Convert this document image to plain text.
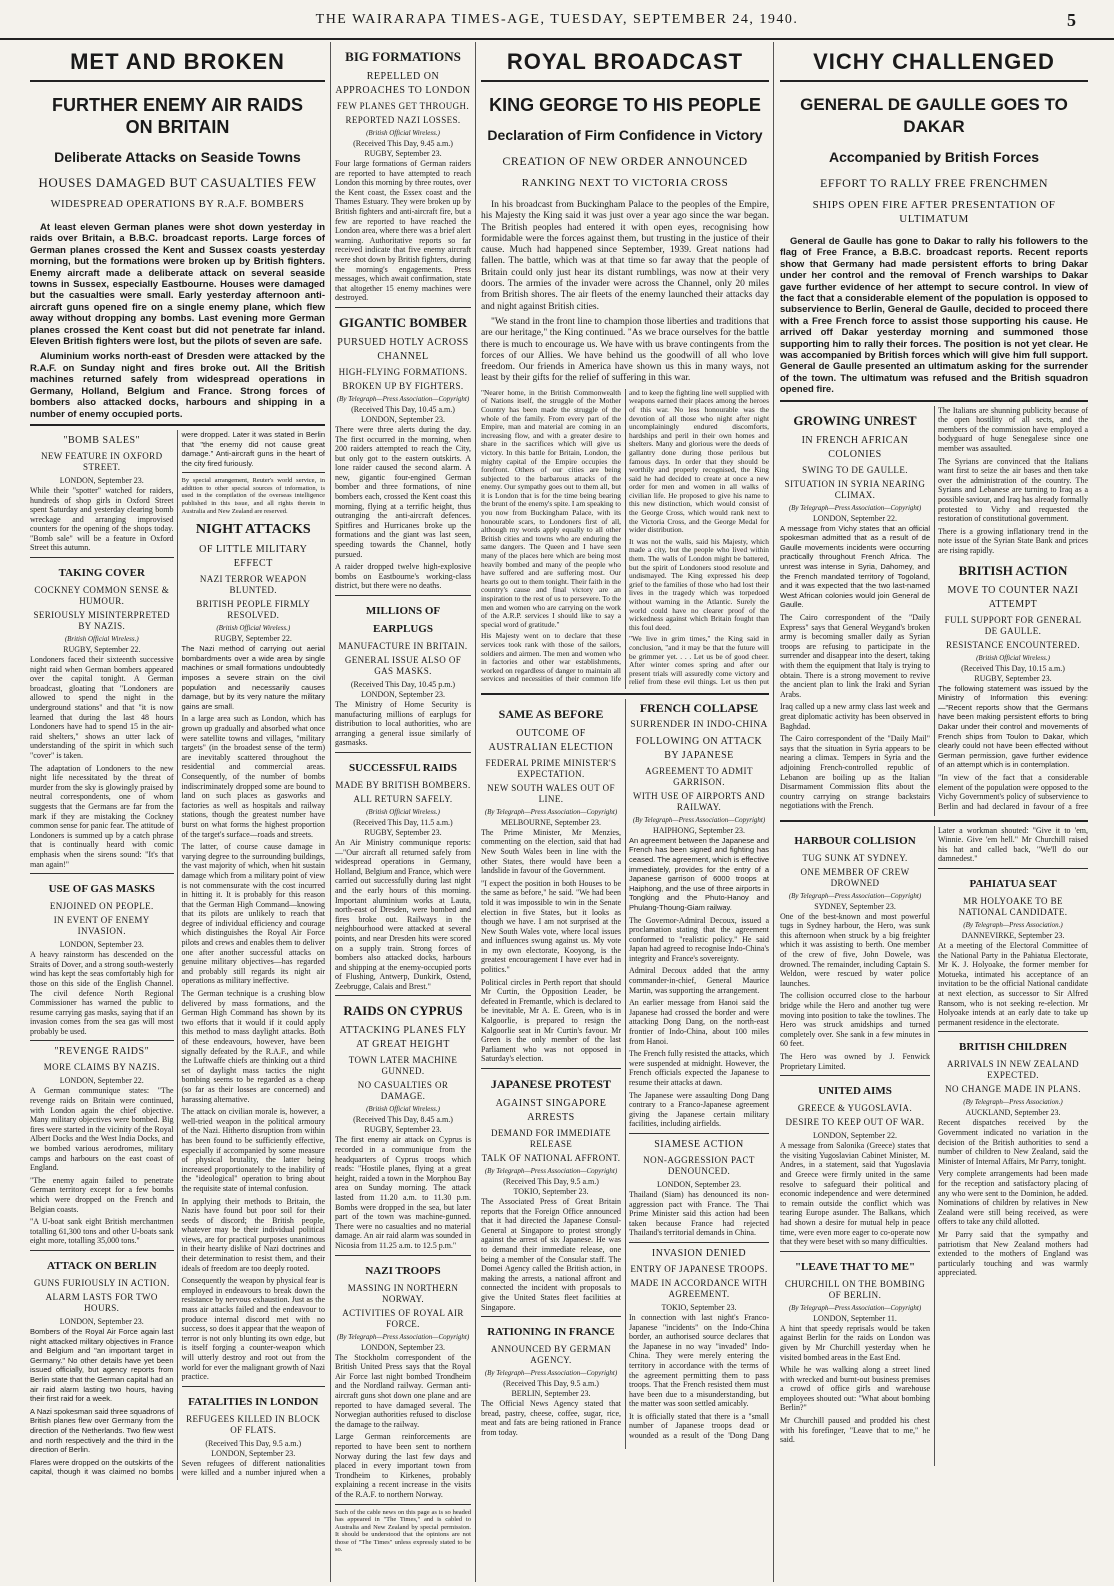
THE WAIRARAPA TIMES-AGE, TUESDAY, SEPTEMBER 24, 1940.	5
MET AND BROKEN
FURTHER ENEMY AIR RAIDS ON BRITAIN
Deliberate Attacks on Seaside Towns
HOUSES DAMAGED BUT CASUALTIES FEW
WIDESPREAD OPERATIONS BY R.A.F. BOMBERS

At least eleven German planes were shot down yesterday in raids over Britain, a B.B.C. broadcast reports. Large forces of German planes crossed the Kent and Sussex coasts yesterday morning, but the formations were broken up by British fighters. Enemy aircraft made a deliberate attack on several seaside towns in Sussex, especially Eastbourne. Houses were damaged but the casualties were small. Early yesterday afternoon anti-aircraft guns opened fire on a single enemy plane, which flew away without dropping any bombs. Last evening more German planes crossed the Kent coast but did not penetrate far inland. Eleven British fighters were lost, but the pilots of seven are safe.

Aluminium works north-east of Dresden were attacked by the R.A.F. on Sunday night and fires broke out. All the British machines returned safely from widespread operations in Germany, Holland, Belgium and France. Strong forces of bombers also attacked docks, harbours and shipping in a number of enemy occupied ports.

"BOMB SALES"
NEW FEATURE IN OXFORD STREET.
LONDON, September 23.

While their "spotter" watched for raiders, hundreds of shop girls in Oxford Street spent Saturday and yesterday clearing bomb wreckage and arranging improvised counters for the opening of the shops today. "Bomb sale" will be a feature in Oxford Street this autumn.

TAKING COVER
COCKNEY COMMON SENSE & HUMOUR.
SERIOUSLY MISINTERPRETED BY NAZIS.
(British Official Wireless.)
RUGBY, September 22.

Londoners faced their sixteenth successive night raid when German bombers appeared over the capital tonight. A German broadcast, gloating that "Londoners are allowed to spend the night in the underground stations" and that "it is now learned that during the last 48 hours Londoners have had to spend 15 in the air-raid shelters," shows an utter lack of understanding of the spirit in which such "cover" is taken.

The adaptation of Londoners to the new night life necessitated by the threat of murder from the sky is glowingly praised by neutral correspondents, one of whom suggests that the Germans are far from the mark if they are mistaking the Cockney common sense for panic fear. The attitude of Londoners is summed up by a catch phrase that is continually heard with comic emphasis when the sirens sound: "It's that man again!"

USE OF GAS MASKS
ENJOINED ON PEOPLE.
IN EVENT OF ENEMY INVASION.
LONDON, September 23.

A heavy rainstorm has descended on the Straits of Dover, and a strong south-westerly wind has kept the seas comfortably high for those on this side of the English Channel. The civil defence North Regional Commissioner has warned the public to resume carrying gas masks, saying that if an invasion comes from the sea gas will most probably be used.

"REVENGE RAIDS"
MORE CLAIMS BY NAZIS.
LONDON, September 22.

A German communique states: "The revenge raids on Britain were continued, with London again the chief objective. Many military objectives were bombed. Big fires were started in the vicinity of the Royal Albert Docks and the West India Docks, and we bombed various aerodromes, military camps and harbours on the east coast of England.

"The enemy again failed to penetrate German territory except for a few bombs which were dropped on the French and Belgian coasts.

"A U-boat sank eight British merchantmen totalling 61,300 tons and other U-boats sank eight more, totalling 35,000 tons."

ATTACK ON BERLIN
GUNS FURIOUSLY IN ACTION.
ALARM LASTS FOR TWO HOURS.
LONDON, September 23.

Bombers of the Royal Air Force again last night attacked military objectives in France and Belgium and "an important target in Germany." No other details have yet been issued officially, but agency reports from Berlin state that the German capital had an air raid alarm lasting two hours, having their first raid for a week.

A Nazi spokesman said three squadrons of British planes flew over Germany from the direction of the Netherlands. Two flew west and north respectively and the third in the direction of Berlin.

Flares were dropped on the outskirts of the capital, though it was claimed no bombs were dropped. Later it was stated in Berlin that "the enemy did not cause great damage." Anti-aircraft guns in the heart of the city fired furiously.

By special arrangement, Reuter's world service, in addition to other special sources of information, is used in the compilation of the overseas intelligence published in this issue, and all rights therein in Australia and New Zealand are reserved.

NIGHT ATTACKS
OF LITTLE MILITARY EFFECT
NAZI TERROR WEAPON BLUNTED.
BRITISH PEOPLE FIRMLY RESOLVED.
(British Official Wireless.)
RUGBY, September 22.

The Nazi method of carrying out aerial bombardments over a wide area by single machines or small formations undoubtedly imposes a severe strain on the civil population and necessarily causes damage, but by its very nature the military gains are small.

In a large area such as London, which has grown up gradually and absorbed what once were satellite towns and villages, "military targets" (in the broadest sense of the term) are inevitably scattered throughout the residential and commercial areas. Consequently, of the number of bombs indiscriminately dropped some are bound to land on such places as gasworks and factories as well as hospitals and railway stations, though the greatest number have burst on what forms the highest proportion of the target's surface—roads and streets.

The latter, of course cause damage in varying degree to the surrounding buildings, the vast majority of which, when hit sustain damage which from a military point of view is not commensurate with the cost incurred in hitting it. It is probably for this reason that the German High Command—knowing that its pilots are unlikely to reach that degree of individual efficiency and courage which distinguishes the Royal Air Force pilots and crews and enables them to deliver one after another successful attacks on genuine military objectives—has regarded and probably still regards its night air operations as military ineffective.

The German technique is a crushing blow delivered by mass formations, and the German High Command has shown by its two efforts that it would if it could apply this method to mass daylight attacks. Both of these endeavours, however, have been signally defeated by the R.A.F., and while the Luftwaffe chiefs are thinking out a third set of daylight mass tactics the night bombing seems to be regarded as a cheap (so far as their losses are concerned) and harassing alternative.

The attack on civilian morale is, however, a well-tried weapon in the political armoury of the Nazi. Hitherto disruption from within has been found to be sufficiently effective, especially if accompanied by some measure of physical brutality, the latter being increased proportionately to the inability of the "ideological" operation to bring about the requisite state of internal confusion.

In applying their methods to Britain, the Nazis have found but poor soil for their seeds of discord; the British people, whatever may be their individual political views, are for practical purposes unanimous in their hearty dislike of Nazi doctrines and their determination to resist them, and their ideals of freedom are too deeply rooted.

Consequently the weapon by physical fear is employed in endeavours to break down the resistance by nervous exhaustion. Just as the mass air attacks failed and the endeavour to produce internal discord met with no success, so does it appear that the weapon of terror is not only blunting its own edge, but is itself forging a counter-weapon which will utterly destroy and root out from the world for ever the malignant growth of Nazi practice.

FATALITIES IN LONDON
REFUGEES KILLED IN BLOCK OF FLATS.
(Received This Day, 9.5 a.m.)
LONDON, September 23.

Seven refugees of different nationalities were killed and a number injured when a

BIG FORMATIONS
REPELLED ON APPROACHES TO LONDON
FEW PLANES GET THROUGH.
REPORTED NAZI LOSSES.
(British Official Wireless.)
(Received This Day, 9.45 a.m.)
RUGBY, September 23.

Four large formations of German raiders are reported to have attempted to reach London this morning by three routes, over the Kent coast, the Essex coast and the Thames Estuary. They were broken up by British fighters and anti-aircraft fire, but a few are reported to have reached the London area, where there was a brief alert warning. Authoritative reports so far received indicate that five enemy aircraft were shot down by British fighters, during the morning's engagements. Press messages, which await confirmation, state that altogether 15 enemy machines were destroyed.

GIGANTIC BOMBER
PURSUED HOTLY ACROSS CHANNEL
HIGH-FLYING FORMATIONS.
BROKEN UP BY FIGHTERS.
(By Telegraph—Press Association—Copyright)
(Received This Day, 10.45 a.m.)
LONDON, September 23.

There were three alerts during the day. The first occurred in the morning, when 200 raiders attempted to reach the City, but only got to the eastern outskirts. A lone raider caused the second alarm. A new, gigantic four-engined German bomber and three formations, of nine bombers each, crossed the Kent coast this morning, flying at a terrific height, thus outranging the anti-aircraft defences. Spitfires and Hurricanes broke up the formations and the giant was last seen, speeding towards the Channel, hotly pursued.

A raider dropped twelve high-explosive bombs on Eastbourne's working-class district, but there were no deaths.

MILLIONS OF EARPLUGS
MANUFACTURE IN BRITAIN.
GENERAL ISSUE ALSO OF GAS MASKS.
(Received This Day, 10.45 p.m.)
LONDON, September 23.

The Ministry of Home Security is manufacturing millions of earplugs for distribution to local authorities, who are arranging a general issue similarly of gasmasks.

SUCCESSFUL RAIDS
MADE BY BRITISH BOMBERS.
ALL RETURN SAFELY.
(British Official Wireless.)
(Received This Day, 11.5 a.m.)
RUGBY, September 23.

An Air Ministry communique reports:—"Our aircraft all returned safely from widespread operations in Germany, Holland, Belgium and France, which were carried out successfully during last night and the early hours of this morning. Important aluminium works at Lauta, north-east of Dresden, were bombed and fires broke out. Railways in the neighbourhood were attacked at several points, and near Dresden hits were scored on a supply train. Strong forces of bombers also attacked docks, harbours and shipping at the enemy-occupied ports of Flushing, Antwerp, Dunkirk, Ostend, Zeebrugge, Calais and Brest."

RAIDS ON CYPRUS
ATTACKING PLANES FLY AT GREAT HEIGHT
TOWN LATER MACHINE GUNNED.
NO CASUALTIES OR DAMAGE.
(British Official Wireless.)
(Received This Day, 8.45 a.m.)
RUGBY, September 23.

The first enemy air attack on Cyprus is recorded in a communique from the headquarters of Cyprus troops which reads: "Hostile planes, flying at a great height, raided a town in the Morphou Bay area on Sunday morning. The attack lasted from 11.20 a.m. to 11.30 p.m. Bombs were dropped in the sea, but later part of the town was machine-gunned. There were no casualties and no material damage. An air raid alarm was sounded in Nicosia from 11.25 a.m. to 12.5 p.m."

NAZI TROOPS
MASSING IN NORTHERN NORWAY.
ACTIVITIES OF ROYAL AIR FORCE.
(By Telegraph—Press Association—Copyright)
LONDON, September 23.

The Stockholm correspondent of the British United Press says that the Royal Air Force last night bombed Trondheim and the Nordland railway. German anti-aircraft guns shot down one plane and are reported to have damaged several. The Norwegian authorities refused to disclose the damage to the railway.

Large German reinforcements are reported to have been sent to northern Norway during the last few days and placed in every important town from Trondheim to Kirkenes, probably explaining a recent increase in the visits of the R.A.F. to northern Norway.

Such of the cable news on this page as is so headed has appeared in "The Times," and is cabled to Australia and New Zealand by special permission. It should be understood that the opinions are not those of "The Times" unless expressly stated to be so.

ROYAL BROADCAST
KING GEORGE TO HIS PEOPLE
Declaration of Firm Confidence in Victory
CREATION OF NEW ORDER ANNOUNCED
RANKING NEXT TO VICTORIA CROSS

In his broadcast from Buckingham Palace to the peoples of the Empire, his Majesty the King said it was just over a year ago since the war began. The British peoples had entered it with open eyes, recognising how formidable were the forces against them, but trusting in the justice of their cause. Much had happened since September, 1939. Great nations had fallen. The battle, which was at that time so far away that the people of Britain could only just hear its distant rumblings, was now at their very doors. The armies of the invader were across the Channel, only 20 miles from British shores. The air fleets of the enemy launched their attacks day and night against British cities.

"We stand in the front line to champion those liberties and traditions that are our heritage," the King continued. "As we brace ourselves for the battle there is much to encourage us. We have with us brave contingents from the forces of our Allies. We have behind us the goodwill of all who love freedom. Our friends in America have shown us this in many ways, not least by their gifts for the relief of suffering in this war.

"Nearer home, in the British Commonwealth of Nations itself, the struggle of the Mother Country has been made the struggle of the whole of the family. From every part of the Empire, man and material are coming in an increasing flow, and with a greater desire to share in the sacrifices which will give us victory. In this battle for Britain, London, the mighty capital of the Empire occupies the forefront. Others of our cities are being subjected to the barbarous attacks of the enemy. Our sympathy goes out to them all, but it is London that is for the time being bearing the brunt of the enemy's spite. I am speaking to you now from Buckingham Palace, with its honourable scars, to Londoners first of all, although my words apply equally to all other British cities and towns who are enduring the same dangers. The Queen and I have seen many of the places here which are being most heavily bombed and many of the people who have suffered and are suffering most. Our hearts go out to them tonight. Their faith in the country's cause and final victory are an inspiration to the rest of us to persevere. To the men and women who are carrying on the work of the A.R.P. services I should like to say a special word of gratitude."

His Majesty went on to declare that these services took rank with those of the sailors, soldiers and airmen. The men and women who in factories and other war establishments, worked on regardless of danger to maintain all services and necessities of their common life and to keep the fighting line well supplied with weapons earned their places among the heroes of this war. No less honourable was the devotion of all those who night after night uncomplainingly endured discomforts, hardships and peril in their own homes and shelters. Many and glorious were the deeds of gallantry done during those perilous but famous days. In order that they should be worthily and properly recognised, the King said he had decided to create at once a new order for men and women in all walks of civilian life. He proposed to give his name to this new distinction, which would consist of the George Cross, which would rank next to the Victoria Cross, and the George Medal for wider distribution.

It was not the walls, said his Majesty, which made a city, but the people who lived within them. The walls of London might be battered, but the spirit of Londoners stood resolute and undismayed. The King expressed his deep grief to the families of those who had lost their lives in the tragedy which was torpedoed without warning in the Atlantic. Surely the world could have no clearer proof of the wickedness against which Britain fought than this foul deed.

"We live in grim times," the King said in conclusion, "and it may be that the future will be grimmer yet. . . . Let us be of good cheer. After winter comes spring and after our present trials will assuredly come victory and relief from these evil things. Let us then put

SAME AS BEFORE
OUTCOME OF AUSTRALIAN ELECTION
FEDERAL PRIME MINISTER'S EXPECTATION.
NEW SOUTH WALES OUT OF LINE.
(By Telegraph—Press Association—Copyright)
MELBOURNE, September 23.

The Prime Minister, Mr Menzies, commenting on the election, said that had New South Wales been in line with the other States, there would have been a landslide in favour of the Government.

"I expect the position in both Houses to be the same as before," he said. "We had been told it was impossible to win in the Senate election in five States, but it looks as though we have. I am not surprised at the New South Wales vote, where local issues and influences swung against us. My vote in my own electorate, Kooyong, is the greatest encouragement I have ever had in politics."

Political circles in Perth report that should Mr Curtin, the Opposition Leader, be defeated in Fremantle, which is declared to be inevitable, Mr A. E. Green, who is in Kalgoorlie, is prepared to resign the Kalgoorlie seat in Mr Curtin's favour. Mr Green is the only member of the last Parliament who was not opposed in Saturday's election.

JAPANESE PROTEST
AGAINST SINGAPORE ARRESTS
DEMAND FOR IMMEDIATE RELEASE
TALK OF NATIONAL AFFRONT.
(By Telegraph—Press Association—Copyright)
(Received This Day, 9.5 a.m.)
TOKIO, September 23.

The Associated Press of Great Britain reports that the Foreign Office announced that it had directed the Japanese Consul-General at Singapore to protest strongly against the arrest of six Japanese. He was to demand their immediate release, one being a member of the Consular staff. The Domei Agency called the British action, in making the arrests, a national affront and connected the incident with proposals to give the United States fleet facilities at Singapore.

RATIONING IN FRANCE
ANNOUNCED BY GERMAN AGENCY.
(By Telegraph—Press Association—Copyright)
(Received This Day, 9.5 a.m.)
BERLIN, September 23.

The Official News Agency stated that bread, pastry, cheese, coffee, sugar, rice, meat and fats are being rationed in France from today.

FRENCH COLLAPSE
SURRENDER IN INDO-CHINA
FOLLOWING ON ATTACK BY JAPANESE
AGREEMENT TO ADMIT GARRISON.
WITH USE OF AIRPORTS AND RAILWAY.
(By Telegraph—Press Association—Copyright)
HAIPHONG, September 23.

An agreement between the Japanese and French has been signed and fighting has ceased. The agreement, which is effective immediately, provides for the entry of a Japanese garrison of 6000 troops at Haiphong, and the use of three airports in Tongking and the Phuto-Hanoy and Phulang-Thoung-Giam railway.

The Governor-Admiral Decoux, issued a proclamation stating that the agreement conformed to "realistic policy." He said Japan had agreed to recognise Indo-China's integrity and France's sovereignty.

Admiral Decoux added that the army commander-in-chief, General Maurice Martin, was supporting the arrangement.

An earlier message from Hanoi said the Japanese had crossed the border and were attacking Dong Dang, on the north-east frontier of Indo-China, about 100 miles from Hanoi.

The French fully resisted the attacks, which were suspended at midnight. However, the French officials expected the Japanese to resume their attacks at dawn.

The Japanese were assaulting Dong Dang contrary to a Franco-Japanese agreement giving the Japanese certain military facilities, including airfields.

SIAMESE ACTION
NON-AGGRESSION PACT DENOUNCED.
LONDON, September 23.

Thailand (Siam) has denounced its non-aggression pact with France. The Thai Prime Minister said this action had been taken because France had rejected Thailand's territorial demands in China.

INVASION DENIED
ENTRY OF JAPANESE TROOPS.
MADE IN ACCORDANCE WITH AGREEMENT.
TOKIO, September 23.

In connection with last night's Franco-Japanese "incidents" on the Indo-China border, an authorised source declares that the Japanese in no way "invaded" Indo-China. They were merely entering the territory in accordance with the terms of the agreement permitting them to pass troops. That the French resisted them must have been due to a misunderstanding, but the matter was soon settled amicably.

It is officially stated that there is a "small number of Japanese troops dead or wounded as a result of the 'Dong Dang

VICHY CHALLENGED
GENERAL DE GAULLE GOES TO DAKAR
Accompanied by British Forces
EFFORT TO RALLY FREE FRENCHMEN
SHIPS OPEN FIRE AFTER PRESENTATION OF ULTIMATUM

General de Gaulle has gone to Dakar to rally his followers to the flag of Free France, a B.B.C. broadcast reports. Recent reports show that Germany had made persistent efforts to bring Dakar under her control and the removal of French warships to Dakar gave further evidence of her attempt to secure control. In view of the fact that a considerable element of the population is opposed to subservience to Berlin, General de Gaulle, decided to proceed there with a Free French force to assist those supporting his cause. He arrived off Dakar yesterday morning and summoned those supporting him to rally their forces. The position is not yet clear. He was accompanied by British forces which will give him full support. General de Gaulle presented an ultimatum asking for the surrender of the town. The ultimatum was refused and the British squadron opened fire.

GROWING UNREST
IN FRENCH AFRICAN COLONIES
SWING TO DE GAULLE.
SITUATION IN SYRIA NEARING CLIMAX.
(By Telegraph—Press Association—Copyright)
LONDON, September 22.

A message from Vichy states that an official spokesman admitted that as a result of de Gaulle movements incidents were occurring practically throughout French Africa. The unrest was intense in Syria, Dahomey, and the French mandated territory of Togoland, and it was expected that the two last-named West African colonies would join General de Gaulle.

The Cairo correspondent of the "Daily Express" says that General Weygand's broken army is becoming smaller daily as Syrian troops are refusing to participate in the surrender and disappear into the desert, taking with them the equipment that Italy is trying to obtain. There is a strong movement to revive the ancient plan to link the Iraki and Syrian Arabs.

Iraq called up a new army class last week and great diplomatic activity has been observed in Baghdad.

The Cairo correspondent of the "Daily Mail" says that the situation in Syria appears to be nearing a climax. Tempers in Syria and the adjoining French-controlled republic of Lebanon are boiling up as the Italian Disarmament Commission flits about the country carrying on strange backstairs negotiations with the French.

The Italians are shunning publicity because of the open hostility of all sects, and the members of the commission have employed a bodyguard of huge Senegalese since one member was assaulted.

The Syrians are convinced that the Italians want first to seize the air bases and then take over the administration of the country. The Syrians and Lebanese are turning to Iraq as a possible saviour, and Iraq has already formally protested to Vichy and requested the restoration of constitutional government.

There is a growing inflationary trend in the note issue of the Syrian State Bank and prices are rising rapidly.

BRITISH ACTION
MOVE TO COUNTER NAZI ATTEMPT
FULL SUPPORT FOR GENERAL DE GAULLE.
RESISTANCE ENCOUNTERED.
(British Official Wireless.)
(Received This Day, 10.15 a.m.)
RUGBY, September 23.

The following statement was issued by the Ministry of Information this evening:—"Recent reports show that the Germans have been making persistent efforts to bring Dakar under their control and movements of French ships from Toulon to Dakar, which clearly could not have been effected without German permission, gave further evidence of an attempt which is in contemplation.

"In view of the fact that a considerable element of the population were opposed to the Vichy Government's policy of subservience to Berlin and had declared in favour of a free

HARBOUR COLLISION
TUG SUNK AT SYDNEY.
ONE MEMBER OF CREW DROWNED
(By Telegraph—Press Association—Copyright)
SYDNEY, September 23.

One of the best-known and most powerful tugs in Sydney harbour, the Hero, was sunk this afternoon when struck by a big freighter which it was assisting to berth. One member of the crew of five, John Dowele, was drowned. The remainder, including Captain S. Weldon, were rescued by water police launches.

The collision occurred close to the harbour bridge while the Hero and another tug were moving into position to take the towlines. The Hero was struck amidships and turned completely over. She sank in a few minutes in 60 feet.

The Hero was owned by J. Fenwick Proprietary Limited.

UNITED AIMS
GREECE & YUGOSLAVIA.
DESIRE TO KEEP OUT OF WAR.
LONDON, September 22.

A message from Salonika (Greece) states that the visiting Yugoslavian Cabinet Minister, M. Andres, in a statement, said that Yugoslavia and Greece were firmly united in the same resolve to safeguard their political and economic independence and were determined to remain outside the conflict which was tearing Europe asunder. The Balkans, which had shown a desire for mutual help in peace time, were even more eager to co-operate now that they were beset with so many difficulties.

"LEAVE THAT TO ME"
CHURCHILL ON THE BOMBING OF BERLIN.
(By Telegraph—Press Association—Copyright)
LONDON, September 11.

A hint that speedy reprisals would be taken against Berlin for the raids on London was given by Mr Churchill yesterday when he visited bombed areas in the East End.

While he was walking along a street lined with wrecked and burnt-out business premises a crowd of office girls and warehouse employees shouted out: "What about bombing Berlin?"

Mr Churchill paused and prodded his chest with his forefinger, "Leave that to me," he said.

Later a workman shouted: "Give it to 'em, Winnie. Give 'em hell." Mr Churchill raised his hat and called back, "We'll do our damnedest."

PAHIATUA SEAT
MR HOLYOAKE TO BE NATIONAL CANDIDATE.
(By Telegraph—Press Association.)
DANNEVIRKE, September 23.

At a meeting of the Electoral Committee of the National Party in the Pahiatua Electorate, Mr K. J. Holyoake, the former member for Motueka, intimated his acceptance of an invitation to be the official National candidate at next election, as successor to Sir Alfred Ransom, who is not seeking re-election. Mr Holyoake intends at an early date to take up permanent residence in the electorate.

BRITISH CHILDREN
ARRIVALS IN NEW ZEALAND EXPECTED.
NO CHANGE MADE IN PLANS.
(By Telegraph—Press Association.)
AUCKLAND, September 23.

Recent dispatches received by the Government indicated no variation in the decision of the British authorities to send a number of children to New Zealand, said the Minister of Internal Affairs, Mr Parry, tonight.

Very complete arrangements had been made for the reception and satisfactory placing of any who were sent to the Dominion, he added. Nominations of children by relatives in New Zealand were still being received, as were offers to take any child allotted.

Mr Parry said that the sympathy and patriotism that New Zealand mothers had extended to the mothers of England was particularly touching and was warmly appreciated.
